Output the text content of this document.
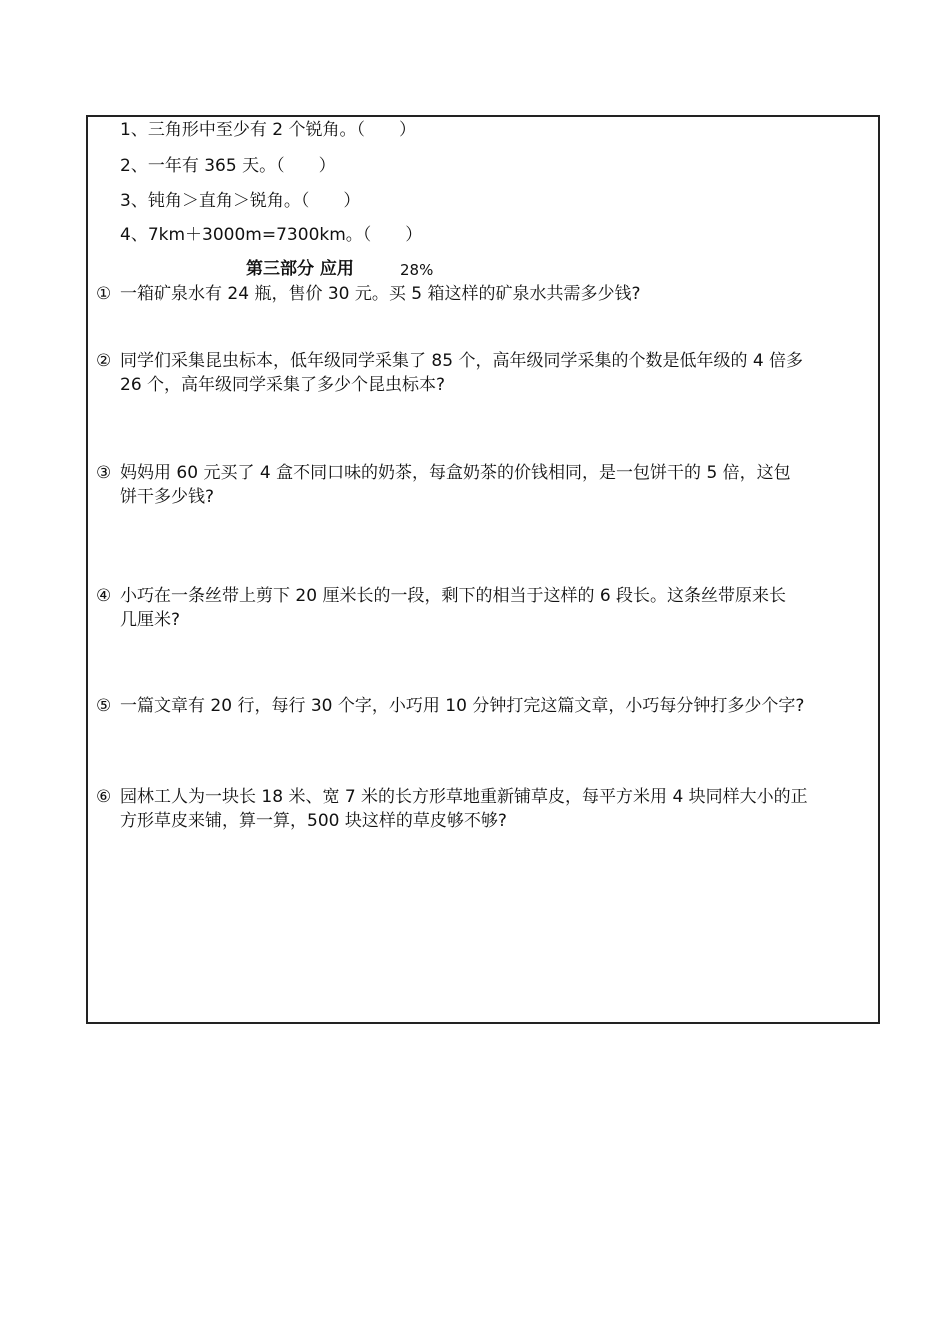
1、三角形中至少有 2 个锐角。（　　）
2、一年有 365 天。（　　）
3、钝角＞直角＞锐角。（　　）
4、7km＋3000m=7300km。（　　）
第三部分 应用	28%
① 一箱矿泉水有 24 瓶，售价 30 元。买 5 箱这样的矿泉水共需多少钱?
② 同学们采集昆虫标本，低年级同学采集了 85 个，高年级同学采集的个数是低年级的 4 倍多
26 个，高年级同学采集了多少个昆虫标本?
③ 妈妈用 60 元买了 4 盒不同口味的奶茶，每盒奶茶的价钱相同，是一包饼干的 5 倍，这包
饼干多少钱?
④ 小巧在一条丝带上剪下 20 厘米长的一段，剩下的相当于这样的 6 段长。这条丝带原来长
几厘米?
⑤ 一篇文章有 20 行，每行 30 个字，小巧用 10 分钟打完这篇文章，小巧每分钟打多少个字?
⑥ 园林工人为一块长 18 米、宽 7 米的长方形草地重新铺草皮，每平方米用 4 块同样大小的正
方形草皮来铺，算一算，500 块这样的草皮够不够?
